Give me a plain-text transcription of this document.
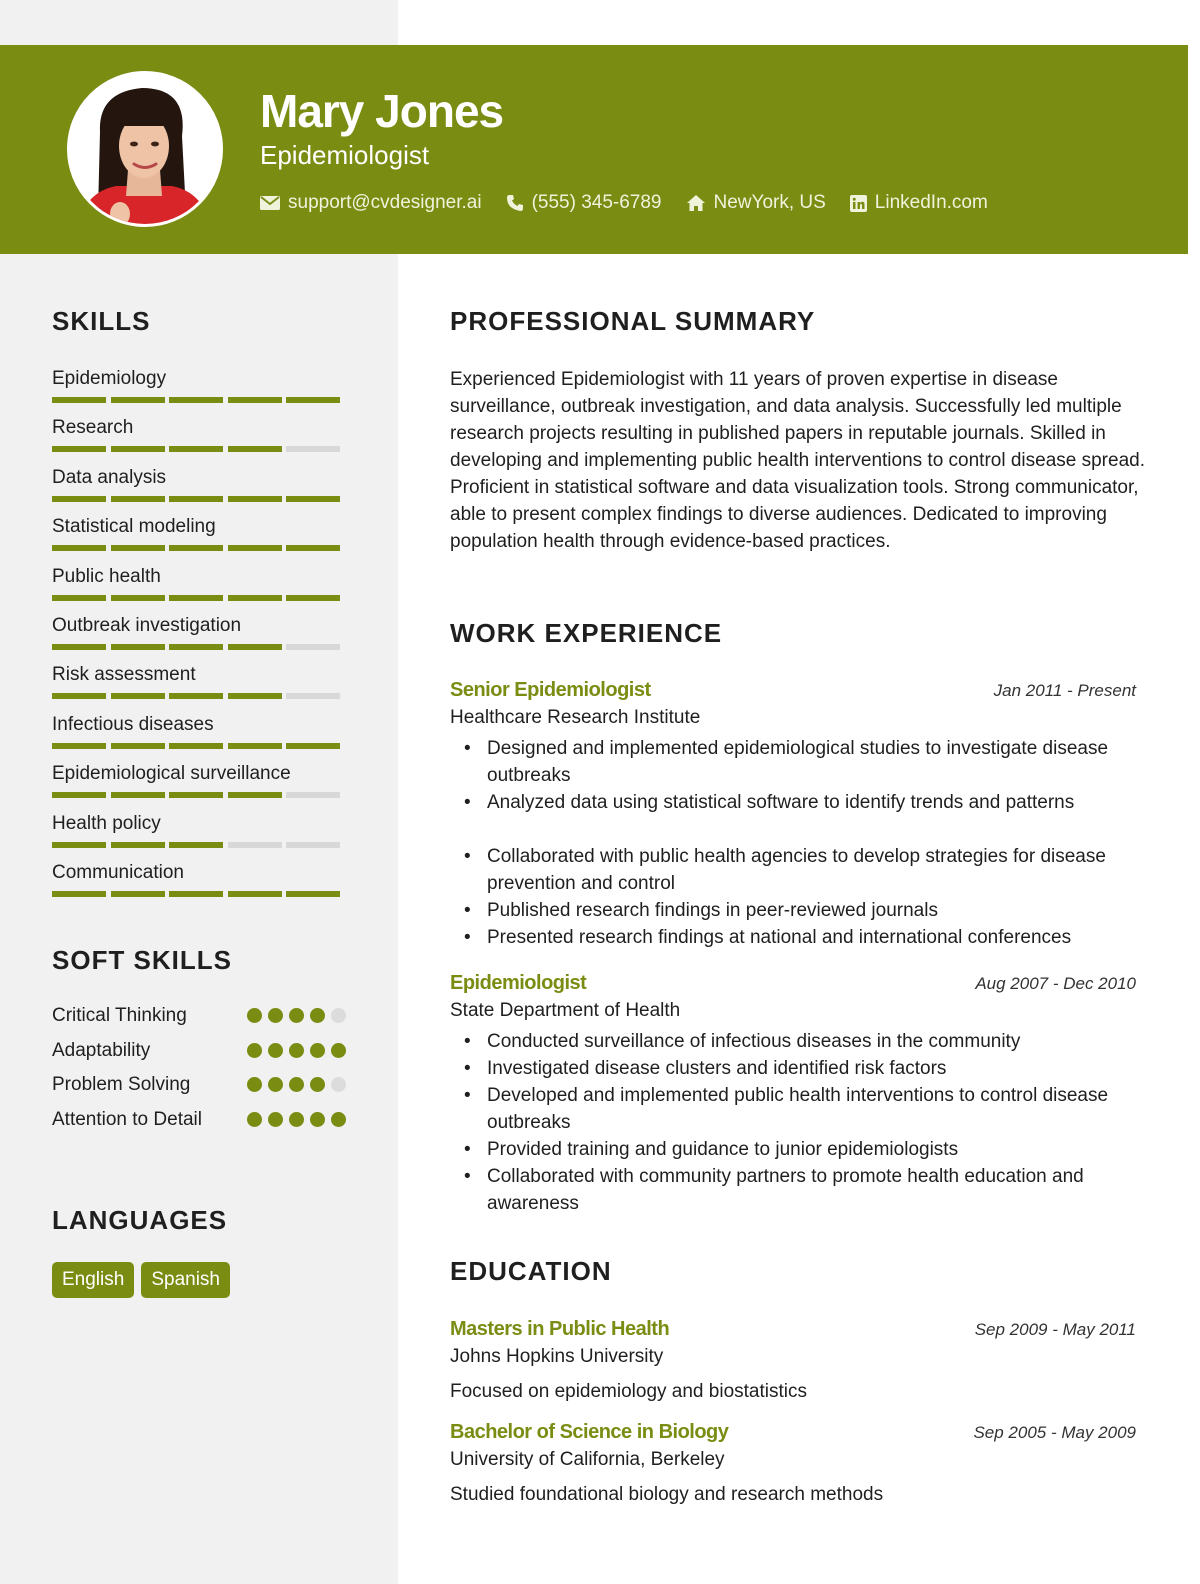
Mary Jones
Epidemiologist
support@cvdesigner.ai	(555) 345-6789	NewYork, US	LinkedIn.com
SKILLS
Epidemiology
Research
Data analysis
Statistical modeling
Public health
Outbreak investigation
Risk assessment
Infectious diseases
Epidemiological surveillance
Health policy
Communication
SOFT SKILLS
Critical Thinking
Adaptability
Problem Solving
Attention to Detail
LANGUAGES
English	Spanish
PROFESSIONAL SUMMARY
Experienced Epidemiologist with 11 years of proven expertise in disease surveillance, outbreak investigation, and data analysis. Successfully led multiple research projects resulting in published papers in reputable journals. Skilled in developing and implementing public health interventions to control disease spread. Proficient in statistical software and data visualization tools. Strong communicator, able to present complex findings to diverse audiences. Dedicated to improving population health through evidence-based practices.
WORK EXPERIENCE
Senior Epidemiologist	Jan 2011 - Present
Healthcare Research Institute
• Designed and implemented epidemiological studies to investigate disease outbreaks
• Analyzed data using statistical software to identify trends and patterns
• Collaborated with public health agencies to develop strategies for disease prevention and control
• Published research findings in peer-reviewed journals
• Presented research findings at national and international conferences
Epidemiologist	Aug 2007 - Dec 2010
State Department of Health
• Conducted surveillance of infectious diseases in the community
• Investigated disease clusters and identified risk factors
• Developed and implemented public health interventions to control disease outbreaks
• Provided training and guidance to junior epidemiologists
• Collaborated with community partners to promote health education and awareness
EDUCATION
Masters in Public Health	Sep 2009 - May 2011
Johns Hopkins University
Focused on epidemiology and biostatistics
Bachelor of Science in Biology	Sep 2005 - May 2009
University of California, Berkeley
Studied foundational biology and research methods
